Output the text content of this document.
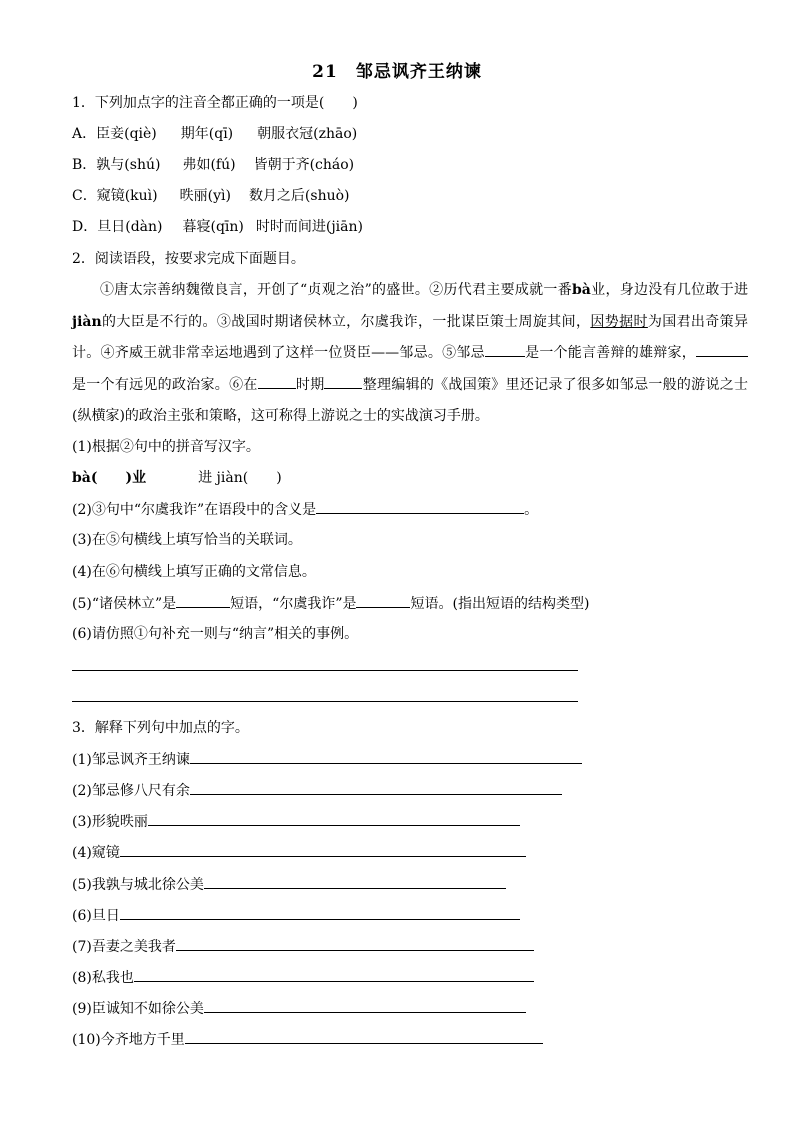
21　邹忌讽齐王纳谏
1．下列加点字的注音全都正确的一项是(　　)
A．臣妾(qiè) 期年(qī) 朝服衣冠(zhāo)
B．孰与(shú) 弗如(fú) 皆朝于齐(cháo)
C．窥镜(kuì) 昳丽(yì) 数月之后(shuò)
D．旦日(dàn) 暮寝(qīn) 时时而间进(jiān)
2．阅读语段，按要求完成下面题目。
①唐太宗善纳魏徵良言，开创了“贞观之治”的盛世。②历代君主要成就一番bà业，身边没有几位敢于进jiàn的大臣是不行的。③战国时期诸侯林立，尔虞我诈，一批谋臣策士周旋其间，因势据时为国君出奇策异计。④齐威王就非常幸运地遇到了这样一位贤臣——邹忌。⑤邹忌	是一个能言善辩的雄辩家，是一个有远见的政治家。⑥在	时期	整理编辑的《战国策》里还记录了很多如邹忌一般的游说之士(纵横家)的政治主张和策略，这可称得上游说之士的实战演习手册。
(1)根据②句中的拼音写汉字。
bà(　　)业	进 jiàn(　　)
(2)③句中“尔虞我诈”在语段中的含义是	。
(3)在⑤句横线上填写恰当的关联词。
(4)在⑥句横线上填写正确的文常信息。
(5)“诸侯林立”是	短语，“尔虞我诈”是	短语。(指出短语的结构类型)
(6)请仿照①句补充一则与“纳言”相关的事例。
3．解释下列句中加点的字。
(1)邹忌讽齐王纳谏
(2)邹忌修八尺有余
(3)形貌昳丽
(4)窥镜
(5)我孰与城北徐公美
(6)旦日
(7)吾妻之美我者
(8)私我也
(9)臣诚知不如徐公美
(10)今齐地方千里
